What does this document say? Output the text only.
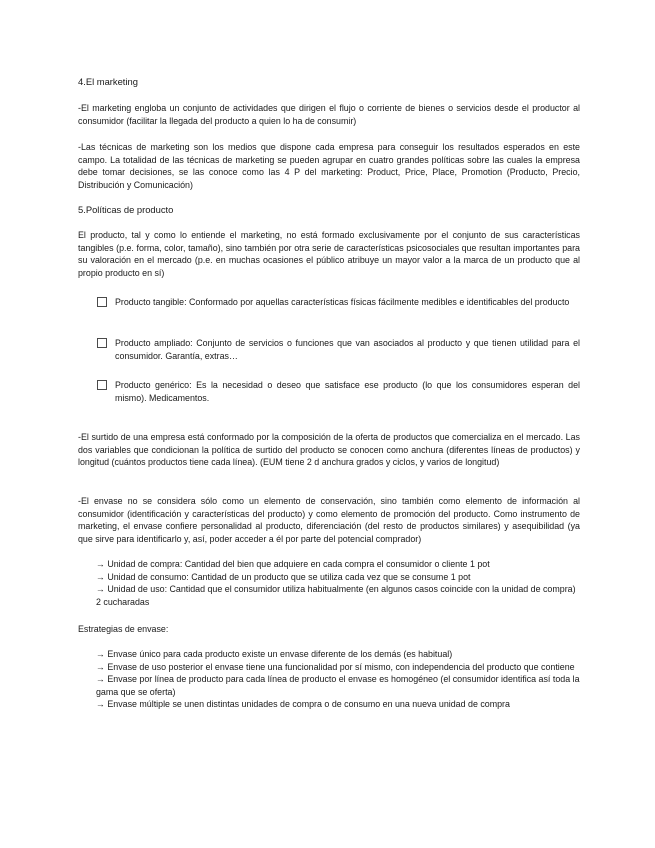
4.El marketing

-El marketing engloba un conjunto de actividades que dirigen el flujo o corriente de bienes o servicios desde el productor al consumidor (facilitar la llegada del producto a quien lo ha de consumir)

-Las técnicas de marketing son los medios que dispone cada empresa para conseguir los resultados esperados en este campo. La totalidad de las técnicas de marketing se pueden agrupar en cuatro grandes políticas sobre las cuales la empresa debe tomar decisiones, se las conoce como las 4 P del marketing: Product, Price, Place, Promotion (Producto, Precio, Distribución y Comunicación)

5.Políticas de producto

El producto, tal y como lo entiende el marketing, no está formado exclusivamente por el conjunto de sus características tangibles (p.e. forma, color, tamaño), sino también por otra serie de características psicosociales que resultan importantes para su valoración en el mercado (p.e. en muchas ocasiones el público atribuye un mayor valor a la marca de un producto que al propio producto en sí)

Producto tangible: Conformado por aquellas características físicas fácilmente medibles e identificables del producto

Producto ampliado: Conjunto de servicios o funciones que van asociados al producto y que tienen utilidad para el consumidor. Garantía, extras…

Producto genérico: Es la necesidad o deseo que satisface ese producto (lo que los consumidores esperan del mismo). Medicamentos.

-El surtido de una empresa está conformado por la composición de la oferta de productos que comercializa en el mercado. Las dos variables que condicionan la política de surtido del producto se conocen como anchura (diferentes líneas de productos) y longitud (cuántos productos tiene cada línea). (EUM tiene 2 d anchura grados y ciclos, y varios de longitud)

-El envase no se considera sólo como un elemento de conservación, sino también como elemento de información al consumidor (identificación y características del producto) y como elemento de promoción del producto. Como instrumento de marketing, el envase confiere personalidad al producto, diferenciación (del resto de productos similares) y asequibilidad (ya que sirve para identificarlo y, así, poder acceder a él por parte del potencial comprador)

→ Unidad de compra: Cantidad del bien que adquiere en cada compra el consumidor o cliente 1 pot

→ Unidad de consumo: Cantidad de un producto que se utiliza cada vez que se consume 1 pot

→ Unidad de uso: Cantidad que el consumidor utiliza habitualmente (en algunos casos coincide con la unidad de compra) 2 cucharadas

Estrategias de envase:

→ Envase único para cada producto existe un envase diferente de los demás (es habitual)

→ Envase de uso posterior el envase tiene una funcionalidad por sí mismo, con independencia del producto que contiene

→ Envase por línea de producto para cada línea de producto el envase es homogéneo (el consumidor identifica así toda la gama que se oferta)

→ Envase múltiple se unen distintas unidades de compra o de consumo en una nueva unidad de compra
